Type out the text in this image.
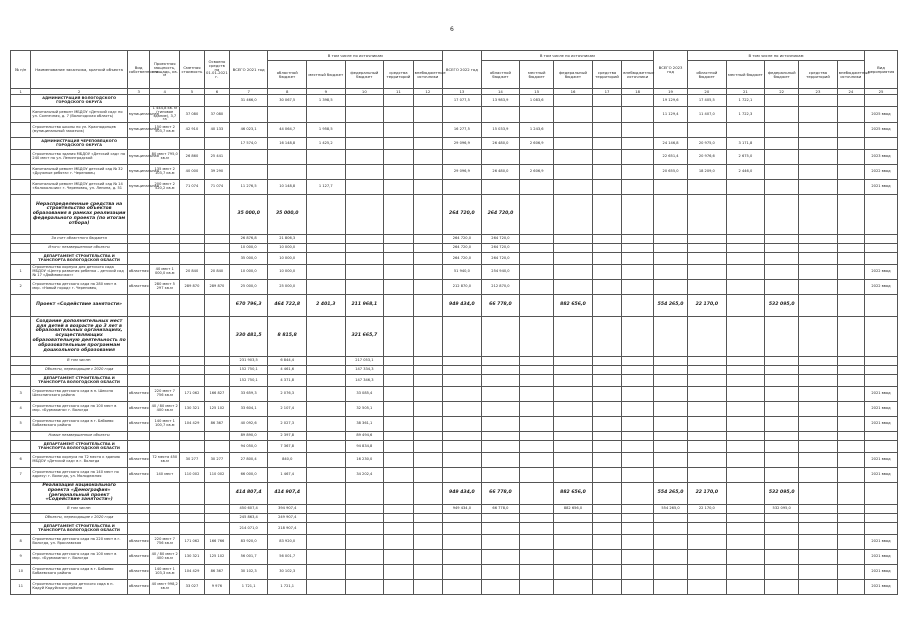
6
№ п/п	Наименование заказчика, краткий объекта	Вид собственности	Проектная мощность, площадь, кв. м	Сметная стоимость	Освоено средств на 01.01.2021 г.	ВСЕГО 2021 год	В том числе по источникам					ВСЕГО 2022 год	В том числе по источникам					ВСЕГО 2023 год	В том числе по источникам					Вид мероприятия
							областной бюджет	местный бюджет	федеральный бюджет	средства территорий	внебюджетные источники		областной бюджет	местный бюджет	федеральный бюджет	средства территорий	внебюджетные источники		областной бюджет	местный бюджет	федеральный бюджет	средства территорий	внебюджетные источники	
1	2	3	4	5	6	7	8	9	10	11	12	13	14	15	16	17	18	19	20	21	22	23	24	25
	АДМИНИСТРАЦИЯ ВОЛОГОДСКОГО ГОРОДСКОГО ОКРУГА					31 466,0	30 067,5	1 398,5				17 077,5	13 983,9	1 083,6				19 129,6	17 405,5	1 722,1				
	Капитальный ремонт МБДОУ «Детский сад» по ул. Солнечная, д. 7 (Вологодская область)	муниципальная	1 444,8 кв. м (типовое здание), 3,7 га	37 080	37 080													11 129,4	11 407,0	1 722,3				2025 ввод
	Строительство школы по ул. Краснодонцев (муниципальный заказчик)	муниципальная	150 мест 2 503,7 кв.м	42 910	40 133	46 023,1	44 064,7	1 958,5				16 277,5	15 033,9	1 243,6										2025 ввод
	АДМИНИСТРАЦИЯ ЧЕРЕПОВЕЦКОГО ГОРОДСКОГО ОКРУГА					17 574,0	16 148,8	1 425,2				29 096,9	26 480,0	2 606,9				24 146,8	20 975,0	3 171,8				
	Строительство здания МБДОУ «Детский сад» на 240 мест по ул. Ленинградской	муниципальная	80 мест 795,0 кв.м	26 860	25 441													22 651,4	20 976,6	2 675,0				2023 ввод
	Капитальный ремонт МБДОУ детский сад № 32 «Дружные ребята» г. Череповец	муниципальная	135 мест 2 103,7 кв.м	40 000	39 290							29 096,9	26 480,0	2 606,9				20 655,0	18 209,0	2 446,0				2022 ввод
	Капитальный ремонт МБДОУ детский сад № 14 «Колокольчик» г. Череповец, ул. Ленина, д. 51	муниципальная	200 мест 2 520,2 кв.м	71 074	71 074	11 276,5	10 148,8	1 127,7																2021 ввод
	Нераспределенные средства на строительство объектов образования в рамках реализации федерального проекта (по итогам отбора)					35 000,0	35 000,0					264 720,0	264 720,0											
	За счет областного бюджета					26 876,8	21 806,3					264 720,0	264 720,0											
	Итого: незавершенные объекты					10 000,0	10 000,0					264 720,0	264 720,0											
	ДЕПАРТАМЕНТ СТРОИТЕЛЬСТВА И ТРАНСПОРТА ВОЛОГОДСКОЙ ОБЛАСТИ					35 000,0	10 000,0					264 720,0	264 720,0											
1	Строительство корпуса для детского сада МБДОУ «Центр развития ребенка – детский сад № 17 «Дюймовочка»»	областная	40 мест 1 000,0 кв.м	20 840	20 840	10 000,0	10 000,0					51 940,0	254 940,0											2022 ввод
2	Строительство детского сада на 280 мест в мкр. «Новый город» г. Череповец	областная	280 мест 5 297 кв.м	289 870	289 870	25 000,0	25 000,0					212 870,0	212 870,0											2022 ввод
	Проект «Содействие занятости»					670 796,3	464 722,8	2 401,3	211 968,1			949 434,0	66 778,0		882 656,0			554 265,0	22 170,0		532 095,0			
	Создание дополнительных мест для детей в возрасте до 3 лет в образовательных организациях, осуществляющих образовательную деятельность по образовательным программам дошкольного образования					330 481,5	8 815,8		321 665,7															
	В том числе:					231 903,5	6 844,4		217 053,1															
	Объекты, переходящие с 2020 года					152 750,1	4 461,6		147 334,3															
	ДЕПАРТАМЕНТ СТРОИТЕЛЬСТВА И ТРАНСПОРТА ВОЛОГОДСКОЙ ОБЛАСТИ					152 750,1	4 371,8		147 346,3															
3	Строительство детского сада в п. Шексна Шекснинского района	областная	220 мест 7 756 кв.м	171 062	166 827	33 659,3	2 076,3		33 085,4															2021 ввод
4	Строительство детского сада на 100 мест в мкр. «Бурмакино» г. Вологда	областная	40 / 80 мест 2 400 кв.м	130 321	125 102	33 604,1	2 107,4		32 505,1															2021 ввод
5	Строительство детского сада в г. Бабаево Бабаевского района	областная	140 мест 1 100,7 кв.м	104 429	86 367	40 092,6	2 027,3		38 361,1															2021 ввод
	Новые незавершенные объекты					89 890,0	2 397,8		89 494,6															
	ДЕПАРТАМЕНТ СТРОИТЕЛЬСТВА И ТРАНСПОРТА ВОЛОГОДСКОЙ ОБЛАСТИ					94 050,0	7 367,8		94 834,8															
6	Строительство корпуса на 72 места к зданию МБДОУ «Детский сад» в г. Вологда	областная	72 места 450 кв.м	30 277	30 277	27 800,4	840,0		16 230,0															2021 ввод
7	Строительство детского сада на 140 мест по адресу: г. Вологда, ул. Молодежная	областная	140 мест	110 002	110 002	66 000,0	1 467,4		34 202,4															2021 ввод
	Реализация национального проекта «Демография» (региональный проект «Содействие занятости»)					414 807,4	414 907,4					949 434,0	66 778,0		882 656,0			554 265,0	22 170,0		532 095,0			
	В том числе:					450 607,4	394 907,4					949 434,0	66 778,0		882 656,0			554 265,0	22 170,0		532 095,0			
	Объекты, переходящие с 2020 года					245 863,4	249 907,4																	
	ДЕПАРТАМЕНТ СТРОИТЕЛЬСТВА И ТРАНСПОРТА ВОЛОГОДСКОЙ ОБЛАСТИ					214 071,0	218 907,4																	
8	Строительство детского сада на 220 мест в г. Вологда, ул. Ярославская	областная	220 мест 7 756 кв.м	171 062	166 766	83 920,0	83 920,0																	2021 ввод
9	Строительство детского сада на 100 мест в мкр. «Бурмакино» г. Вологда	областная	40 / 80 мест 2 400 кв.м	130 321	125 102	56 001,7	56 001,7																	2021 ввод
10	Строительство детского сада в г. Бабаево Бабаевского района	областная	140 мест 1 103,3 кв.м	104 429	86 367	30 102,3	30 102,3																	2021 ввод
11	Строительство корпуса детского сада в п. Кадуй Кадуйского района	областная	40 мест 998,2 кв.м	33 027	9 976	1 721,1	1 721,1																	2021 ввод
